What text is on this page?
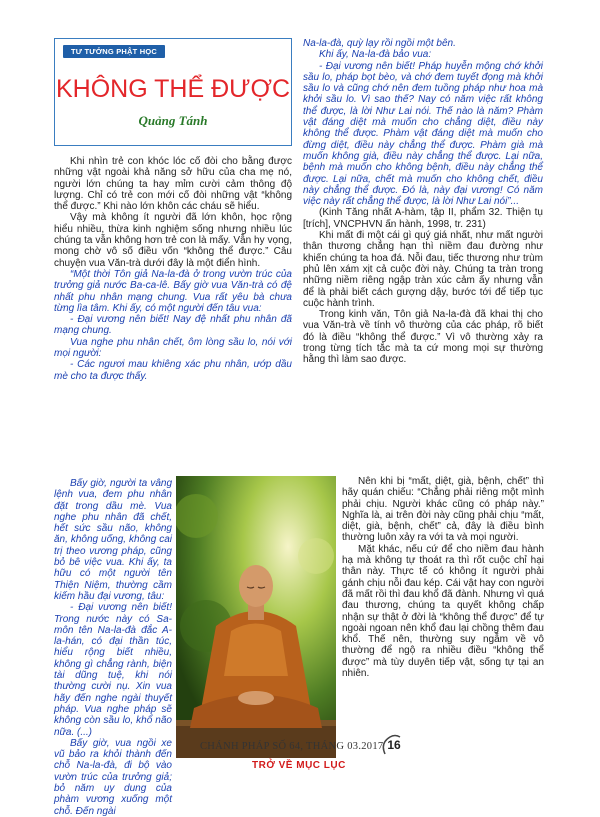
TƯ TƯỞNG PHẬT HỌC
KHÔNG THỂ ĐƯỢC
Quảng Tánh

Khi nhìn trẻ con khóc lóc cố đòi cho bằng được những vật ngoài khả năng sở hữu của cha mẹ nó, người lớn chúng ta hay mỉm cười cảm thông độ lượng. Chỉ có trẻ con mới cố đòi những vật “không thể được.” Khi nào lớn khôn các cháu sẽ hiểu.

Vậy mà không ít người đã lớn khôn, học rộng hiểu nhiều, thừa kinh nghiệm sống nhưng nhiều lúc chúng ta vẫn không hơn trẻ con là mấy. Vẫn hy vọng, mong chờ vô số điều vốn “không thể được.” Câu chuyện vua Văn-trà dưới đây là một điển hình.

“Một thời Tôn giả Na-la-đà ở trong vườn trúc của trưởng giả nước Ba-ca-lê. Bấy giờ vua Văn-trà có đệ nhất phu nhân mạng chung. Vua rất yêu bà chưa từng lìa tâm. Khi ấy, có một người đến tâu vua:

- Đại vương nên biết! Nay đệ nhất phu nhân đã mạng chung.

Vua nghe phu nhân chết, ôm lòng sầu lo, nói với mọi người:

- Các ngươi mau khiêng xác phu nhân, ướp dầu mè cho ta được thấy.

Bấy giờ, người ta vâng lệnh vua, đem phu nhân đặt trong dầu mè. Vua nghe phu nhân đã chết, hết sức sầu não, không ăn, không uống, không cai trị theo vương pháp, cũng bỏ bê việc vua. Khi ấy, ta hữu có một người tên Thiện Niệm, thường cầm kiếm hầu đại vương, tâu:

- Đại vương nên biết! Trong nước này có Sa-môn tên Na-la-đà đắc A-la-hán, có đại thần túc, hiểu rộng biết nhiều, không gì chẳng rành, biện tài dũng tuệ, khi nói thường cười nụ. Xin vua hãy đến nghe ngài thuyết pháp. Vua nghe pháp sẽ không còn sầu lo, khổ não nữa. (...)

Bấy giờ, vua ngồi xe vũ bảo ra khỏi thành đến chỗ Na-la-đà, đi bộ vào vườn trúc của trưởng giả; bỏ năm uy dung của phàm vương xuống một chỗ. Đến ngài

Na-la-đà, quỳ lạy rồi ngồi một bên.

Khi ấy, Na-la-đà bảo vua:

- Đại vương nên biết! Pháp huyễn mộng chớ khởi sầu lo, pháp bọt bèo, và chớ đem tuyết đọng mà khởi sầu lo và cũng chớ nên đem tuồng pháp như hoa mà khởi sầu lo. Vì sao thế? Nay có năm việc rất không thể được, là lời Như Lai nói. Thế nào là năm? Phàm vật đáng diệt mà muốn cho chẳng diệt, điều này không thể được. Phàm vật đáng diệt mà muốn cho đừng diệt, điều này chẳng thể được. Phàm già mà muốn không già, điều này chẳng thể được. Lại nữa, bệnh mà muốn cho không bệnh, điều này chẳng thể được. Lại nữa, chết mà muốn cho không chết, điều này chẳng thể được. Đó là, này đại vương! Có năm việc này rất chẳng thể được, là lời Như Lai nói”...

(Kinh Tăng nhất A-hàm, tập II, phẩm 32. Thiện tụ [trích], VNCPHVN ấn hành, 1998, tr. 231)

Khi mất đi một cái gì quý giá nhất, như mất người thân thương chẳng hạn thì niềm đau đường như khiến chúng ta hoa đá. Nỗi đau, tiếc thương như trùm phủ lên xám xịt cả cuộc đời này. Chúng ta tràn trong những niềm riêng ngập tràn xúc cảm ấy nhưng vẫn để là phải biết cách gượng dậy, bước tới để tiếp tục cuộc hành trình.

Trong kinh văn, Tôn giả Na-la-đà đã khai thị cho vua Văn-trà về tính vô thường của các pháp, rõ biết đó là điều “không thể được.” Vì vô thường xảy ra trong từng tích tắc mà ta cứ mong mọi sự thường hằng thì làm sao được.

Nên khi bị “mất, diệt, già, bệnh, chết” thì hãy quán chiếu: “Chẳng phải riêng một mình phải chịu. Người khác cũng có pháp này.” Nghĩa là, ai trên đời này cũng phải chịu “mất, diệt, già, bệnh, chết” cả, đây là điều bình thường luôn xảy ra với ta và mọi người.

Mặt khác, nếu cứ để cho niềm đau hành hạ mà không tự thoát ra thì rốt cuộc chỉ hại thân này. Thực tế có không ít người phải gánh chịu nỗi đau kép. Cái vật hay con người đã mất rồi thì đau khổ đã đành. Nhưng vì quá đau thương, chúng ta quyết không chấp nhận sự thật ở đời là “không thể được” để tự ngoài ngoan nên khổ đau lại chồng thêm đau khổ. Thế nên, thường suy ngẫm về vô thường để ngộ ra nhiều điều “không thể được” mà tùy duyên tiếp vật, sống tự tại an nhiên.

CHÁNH PHÁP SỐ 64, THÁNG 03.2017 16
TRỞ VỀ MỤC LỤC
